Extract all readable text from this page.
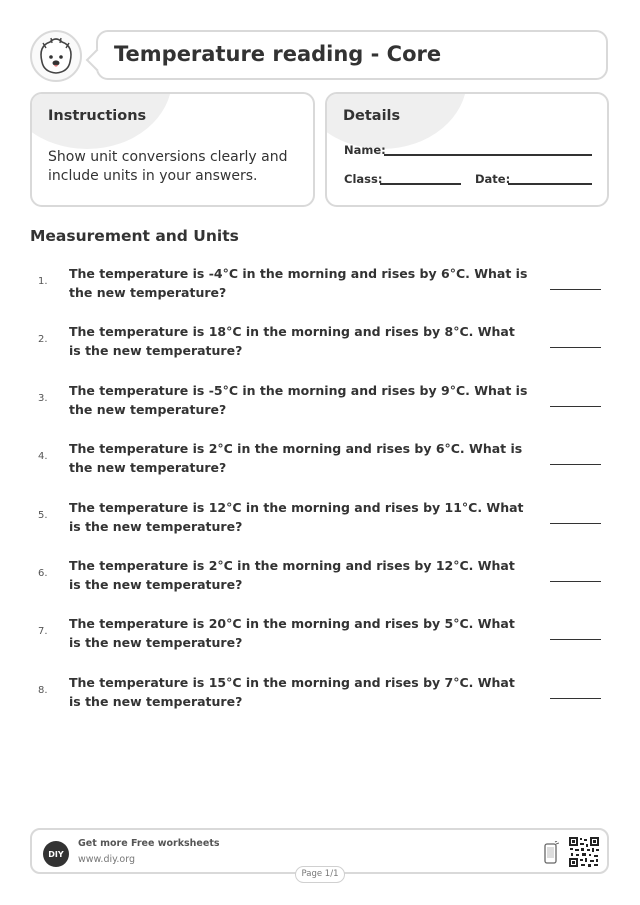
Temperature reading - Core
Instructions
Show unit conversions clearly and include units in your answers.
Details
Name:
Class:	Date:
Measurement and Units
1.
The temperature is -4°C in the morning and rises by 6°C. What is the new temperature?
2.
The temperature is 18°C in the morning and rises by 8°C. What is the new temperature?
3.
The temperature is -5°C in the morning and rises by 9°C. What is the new temperature?
4.
The temperature is 2°C in the morning and rises by 6°C. What is the new temperature?
5.
The temperature is 12°C in the morning and rises by 11°C. What is the new temperature?
6.
The temperature is 2°C in the morning and rises by 12°C. What is the new temperature?
7.
The temperature is 20°C in the morning and rises by 5°C. What is the new temperature?
8.
The temperature is 15°C in the morning and rises by 7°C. What is the new temperature?
DIY
Get more Free worksheets
www.diy.org
Page 1/1
